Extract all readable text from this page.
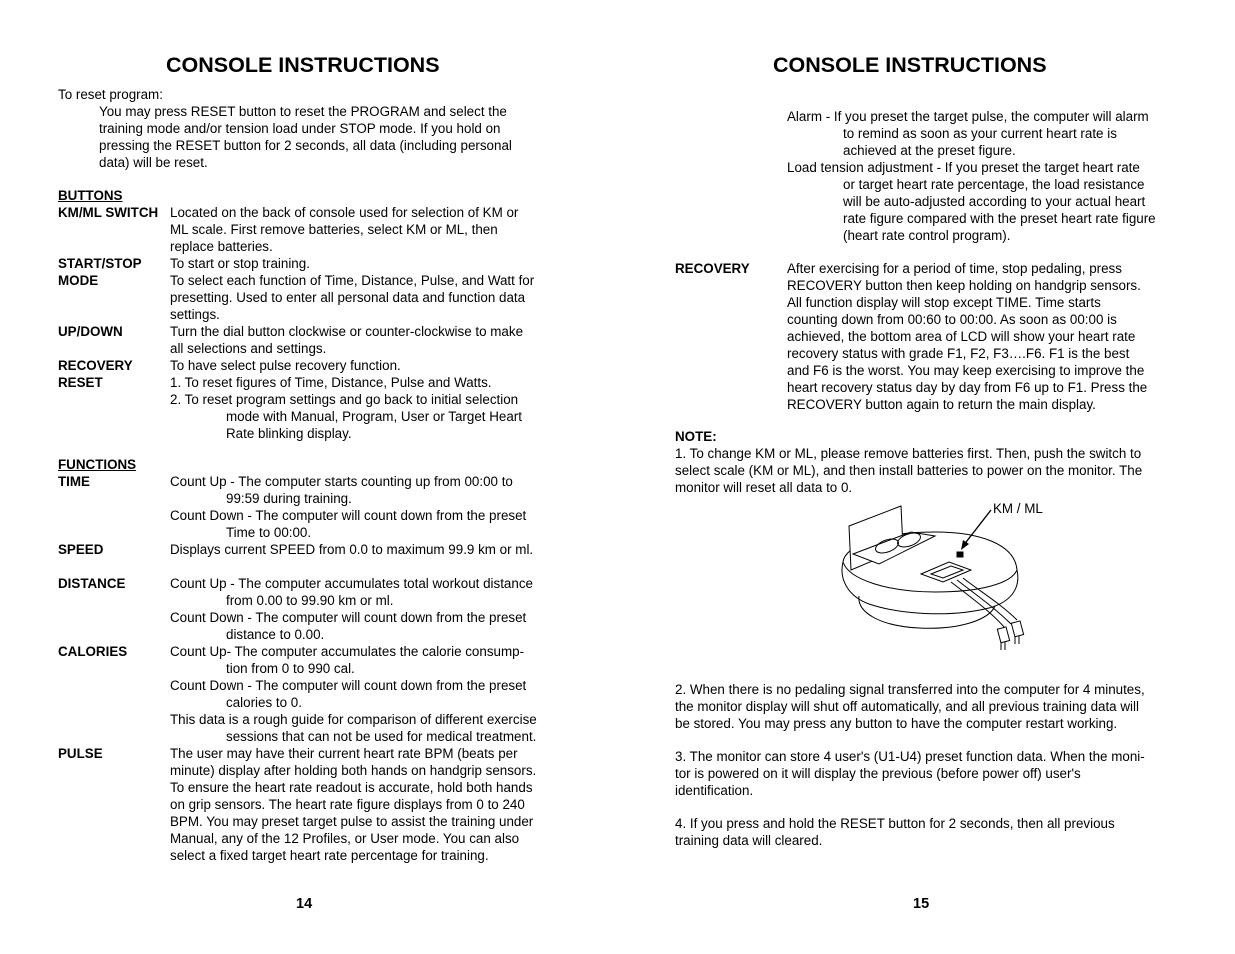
CONSOLE INSTRUCTIONS
To reset program:
You may press RESET button to reset the PROGRAM and select the
training mode and/or tension load under STOP mode. If you hold on
pressing the RESET button for 2 seconds, all data (including personal
data) will be reset.
BUTTONS
KM/ML SWITCH Located on the back of console used for selection of KM or
ML scale. First remove batteries, select KM or ML, then
replace batteries.
START/STOP To start or stop training.
MODE	To select each function of Time, Distance, Pulse, and Watt for
presetting. Used to enter all personal data and function data
settings.
UP/DOWN	Turn the dial button clockwise or counter-clockwise to make
all selections and settings.
RECOVERY	To have select pulse recovery function.
RESET	1. To reset figures of Time, Distance, Pulse and Watts.
2. To reset program settings and go back to initial selection
mode with Manual, Program, User or Target Heart
Rate blinking display.
FUNCTIONS
TIME	Count Up - The computer starts counting up from 00:00 to
99:59 during training.
Count Down - The computer will count down from the preset
Time to 00:00.
SPEED	Displays current SPEED from 0.0 to maximum 99.9 km or ml.
DISTANCE	Count Up - The computer accumulates total workout distance
from 0.00 to 99.90 km or ml.
Count Down - The computer will count down from the preset
distance to 0.00.
CALORIES	Count Up- The computer accumulates the calorie consump-
tion from 0 to 990 cal.
Count Down - The computer will count down from the preset
calories to 0.
This data is a rough guide for comparison of different exercise
sessions that can not be used for medical treatment.
PULSE	The user may have their current heart rate BPM (beats per
minute) display after holding both hands on handgrip sensors.
To ensure the heart rate readout is accurate, hold both hands
on grip sensors. The heart rate figure displays from 0 to 240
BPM. You may preset target pulse to assist the training under
Manual, any of the 12 Profiles, or User mode. You can also
select a fixed target heart rate percentage for training.
14
CONSOLE INSTRUCTIONS
Alarm - If you preset the target pulse, the computer will alarm
to remind as soon as your current heart rate is
achieved at the preset figure.
Load tension adjustment - If you preset the target heart rate
or target heart rate percentage, the load resistance
will be auto-adjusted according to your actual heart
rate figure compared with the preset heart rate figure
(heart rate control program).
RECOVERY	After exercising for a period of time, stop pedaling, press
RECOVERY button then keep holding on handgrip sensors.
All function display will stop except TIME. Time starts
counting down from 00:60 to 00:00. As soon as 00:00 is
achieved, the bottom area of LCD will show your heart rate
recovery status with grade F1, F2, F3….F6. F1 is the best
and F6 is the worst. You may keep exercising to improve the
heart recovery status day by day from F6 up to F1. Press the
RECOVERY button again to return the main display.
NOTE:
1. To change KM or ML, please remove batteries first. Then, push the switch to
select scale (KM or ML), and then install batteries to power on the monitor. The
monitor will reset all data to 0.
KM / ML
2. When there is no pedaling signal transferred into the computer for 4 minutes,
the monitor display will shut off automatically, and all previous training data will
be stored. You may press any button to have the computer restart working.
3. The monitor can store 4 user's (U1-U4) preset function data. When the moni-
tor is powered on it will display the previous (before power off) user's
identification.
4. If you press and hold the RESET button for 2 seconds, then all previous
training data will cleared.
15
